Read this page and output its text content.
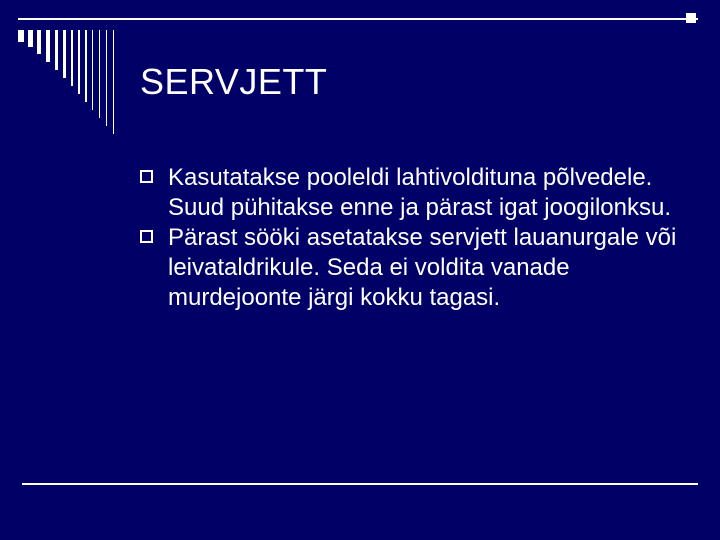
SERVJETT
Kasutatakse pooleldi lahtivoldituna põlvedele. Suud pühitakse enne ja pärast igat joogilonksu.
Pärast sööki asetatakse servjett lauanurgale või leivataldrikule. Seda ei voldita vanade murdejoonte järgi kokku tagasi.
